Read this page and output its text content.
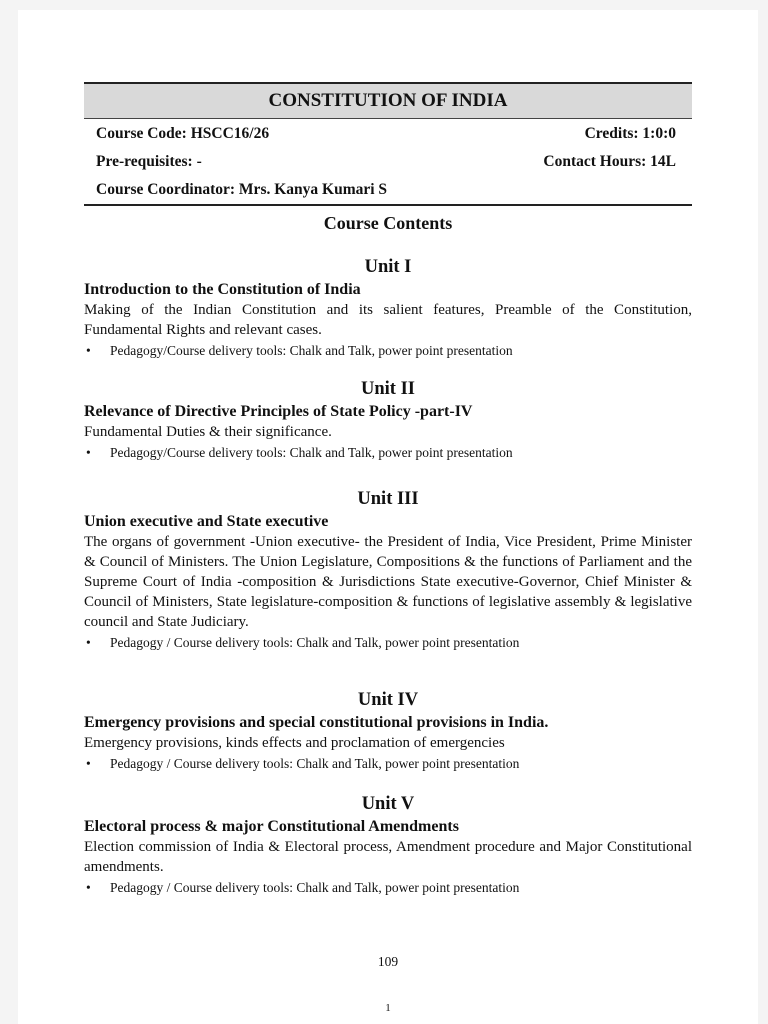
CONSTITUTION OF INDIA
Course Code: HSCC16/26	Credits: 1:0:0
Pre-requisites: -	Contact Hours: 14L
Course Coordinator: Mrs. Kanya Kumari S
Course Contents
Unit I
Introduction to the Constitution of India
Making of the Indian Constitution and its salient features, Preamble of the Constitution, Fundamental Rights and relevant cases.
•	Pedagogy/Course delivery tools: Chalk and Talk, power point presentation
Unit II
Relevance of Directive Principles of State Policy -part-IV
Fundamental Duties & their significance.
•	Pedagogy/Course delivery tools: Chalk and Talk, power point presentation
Unit III
Union executive and State executive
The organs of government -Union executive- the President of India, Vice President, Prime Minister & Council of Ministers. The Union Legislature, Compositions & the functions of Parliament and the Supreme Court of India -composition & Jurisdictions State executive-Governor, Chief Minister & Council of Ministers, State legislature-composition & functions of legislative assembly & legislative council and State Judiciary.
•	Pedagogy / Course delivery tools: Chalk and Talk, power point presentation
Unit IV
Emergency provisions and special constitutional provisions in India.
Emergency provisions, kinds effects and proclamation of emergencies
•	Pedagogy / Course delivery tools: Chalk and Talk, power point presentation
Unit V
Electoral process & major Constitutional Amendments
Election commission of India & Electoral process, Amendment procedure and Major Constitutional amendments.
•	Pedagogy / Course delivery tools: Chalk and Talk, power point presentation
109
1
